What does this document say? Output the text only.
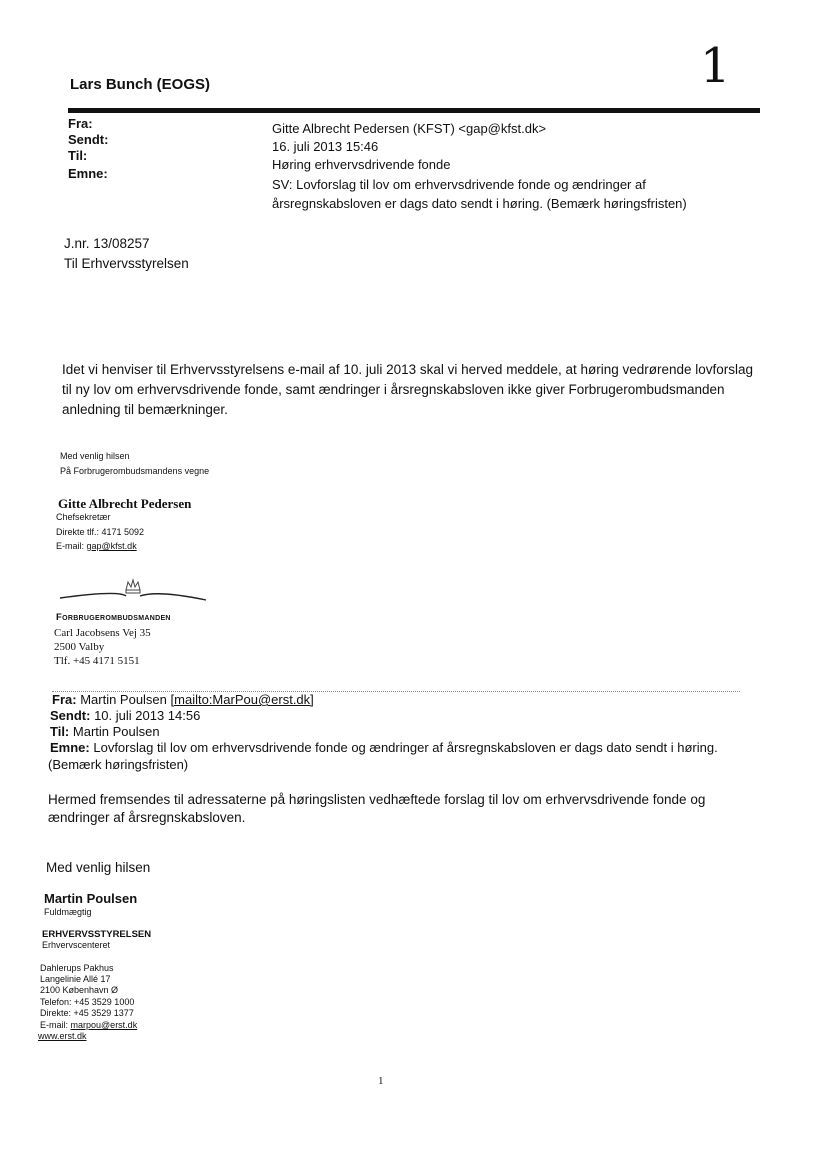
1
Lars Bunch (EOGS)
Fra:
Sendt:
Til:
Emne:
Gitte Albrecht Pedersen (KFST) <gap@kfst.dk>
16. juli 2013 15:46
Høring erhvervsdrivende fonde
SV: Lovforslag til lov om erhvervsdrivende fonde og ændringer af
årsregnskabsloven er dags dato sendt i høring. (Bemærk høringsfristen)
J.nr. 13/08257
Til Erhvervsstyrelsen
Idet vi henviser til Erhvervsstyrelsens e-mail af 10. juli 2013 skal vi herved meddele, at høring vedrørende lovforslag
til ny lov om erhvervsdrivende fonde, samt ændringer i årsregnskabsloven ikke giver Forbrugerombudsmanden
anledning til bemærkninger.
Med venlig hilsen
På Forbrugerombudsmandens vegne
Gitte Albrecht Pedersen
Chefsekretær
Direkte tlf.: 4171 5092
E-mail: gap@kfst.dk
Forbrugerombudsmanden
Carl Jacobsens Vej 35
2500 Valby
Tlf. +45 4171 5151
Fra: Martin Poulsen [mailto:MarPou@erst.dk]
Sendt: 10. juli 2013 14:56
Til: Martin Poulsen
Emne: Lovforslag til lov om erhvervsdrivende fonde og ændringer af årsregnskabsloven er dags dato sendt i høring.
(Bemærk høringsfristen)
Hermed fremsendes til adressaterne på høringslisten vedhæftede forslag til lov om erhvervsdrivende fonde og
ændringer af årsregnskabsloven.
Med venlig hilsen
Martin Poulsen
Fuldmægtig
ERHVERVSSTYRELSEN
Erhvervscenteret
Dahlerups Pakhus
Langelinie Allé 17
2100 København Ø
Telefon: +45 3529 1000
Direkte: +45 3529 1377
E-mail: marpou@erst.dk
www.erst.dk
1
